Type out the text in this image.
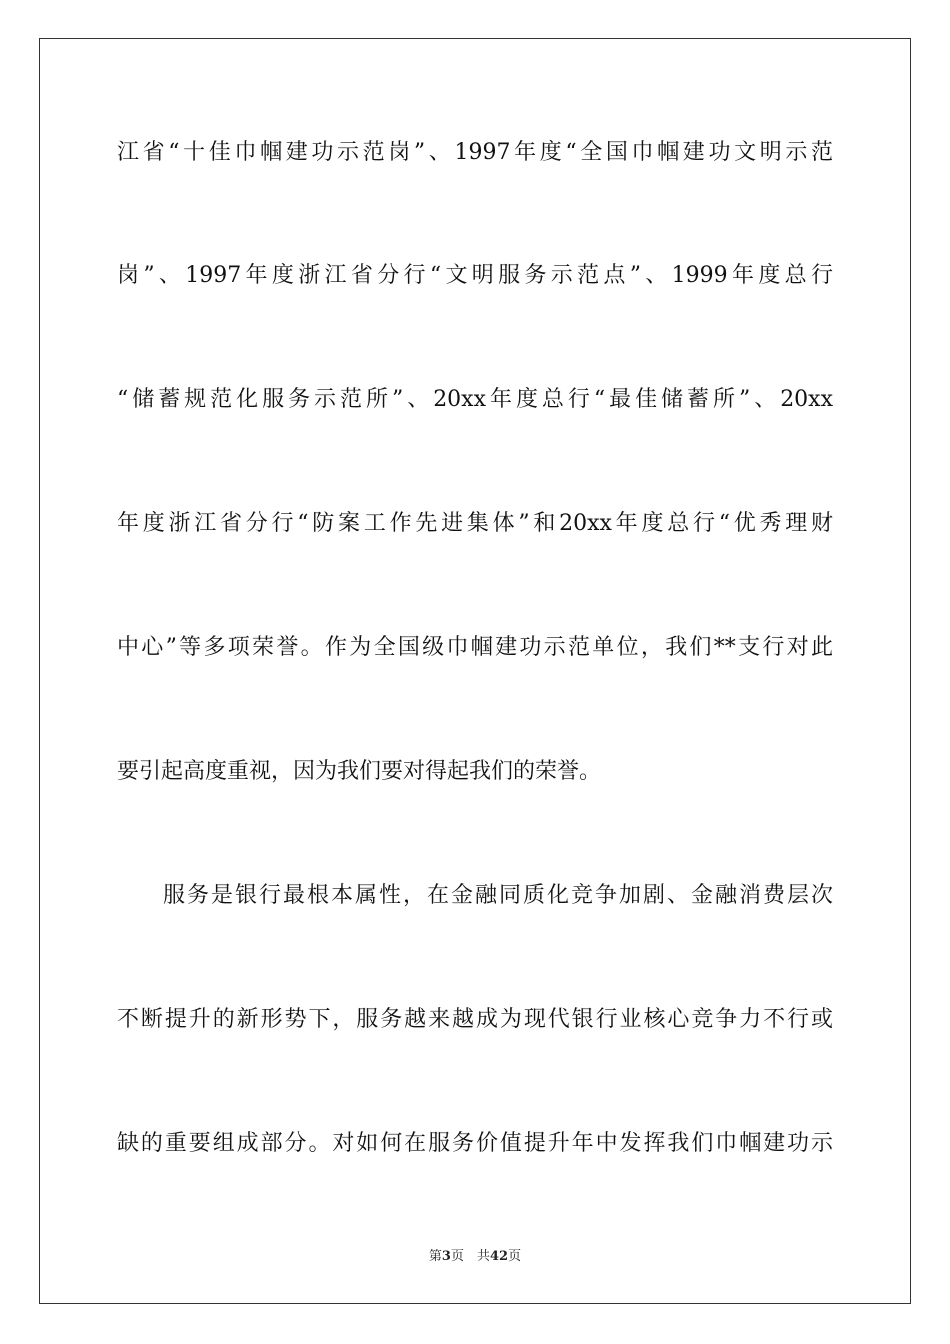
江省“十佳巾帼建功示范岗”、1997年度“全国巾帼建功文明示范
岗”、1997年度浙江省分行“文明服务示范点”、1999年度总行
“储蓄规范化服务示范所”、20xx年度总行“最佳储蓄所”、20xx
年度浙江省分行“防案工作先进集体”和20xx年度总行“优秀理财
中心”等多项荣誉。作为全国级巾帼建功示范单位，我们**支行对此
要引起高度重视，因为我们要对得起我们的荣誉。
服务是银行最根本属性，在金融同质化竞争加剧、金融消费层次
不断提升的新形势下，服务越来越成为现代银行业核心竞争力不行或
缺的重要组成部分。对如何在服务价值提升年中发挥我们巾帼建功示
第3页　共42页
